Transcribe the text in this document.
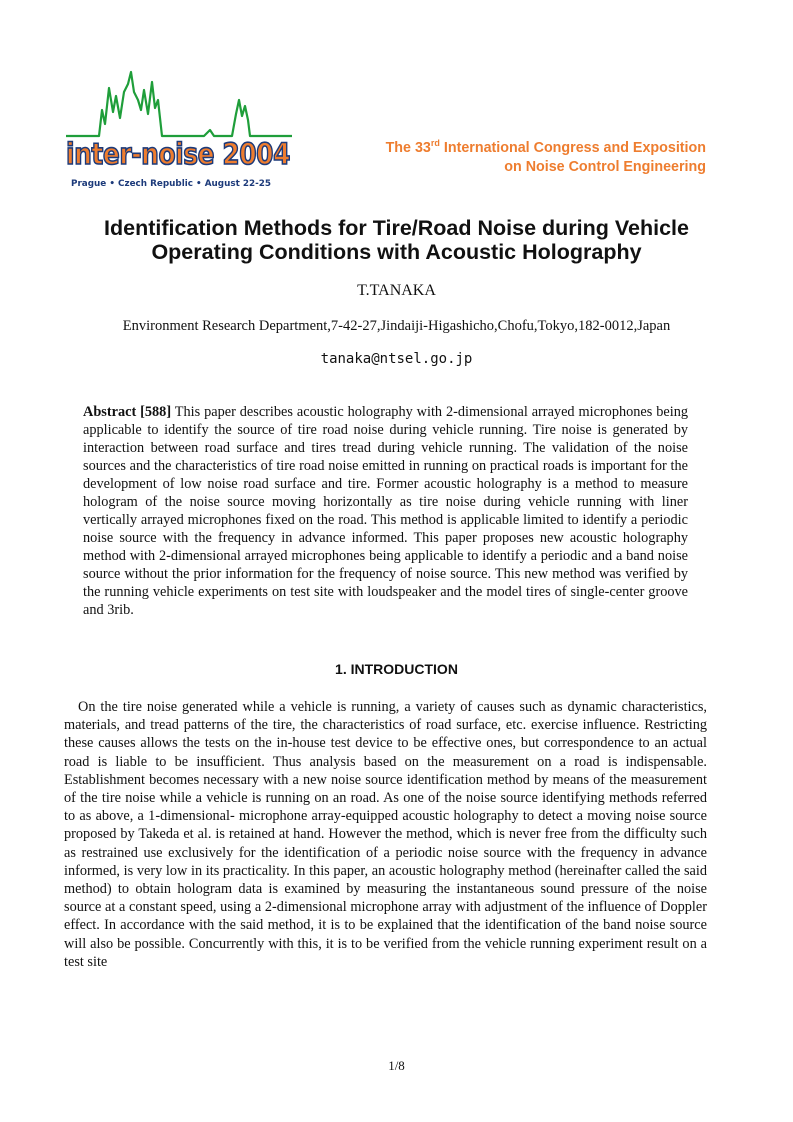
inter-noise 2004
Prague • Czech Republic • August 22-25
The 33rd International Congress and Exposition
on Noise Control Engineering
Identification Methods for Tire/Road Noise during Vehicle
Operating Conditions with Acoustic Holography
T.TANAKA
Environment Research Department,7-42-27,Jindaiji-Higashicho,Chofu,Tokyo,182-0012,Japan
tanaka@ntsel.go.jp
Abstract [588] This paper describes acoustic holography with 2-dimensional arrayed microphones being applicable to identify the source of tire road noise during vehicle running. Tire noise is generated by interaction between road surface and tires tread during vehicle running. The validation of the noise sources and the characteristics of tire road noise emitted in running on practical roads is important for the development of low noise road surface and tire. Former acoustic holography is a method to measure hologram of the noise source moving horizontally as tire noise during vehicle running with liner vertically arrayed microphones fixed on the road. This method is applicable limited to identify a periodic noise source with the frequency in advance informed. This paper proposes new acoustic holography method with 2-dimensional arrayed microphones being applicable to identify a periodic and a band noise source without the prior information for the frequency of noise source. This new method was verified by the running vehicle experiments on test site with loudspeaker and the model tires of single-center groove and 3rib.
1. INTRODUCTION
On the tire noise generated while a vehicle is running, a variety of causes such as dynamic characteristics, materials, and tread patterns of the tire, the characteristics of road surface, etc. exercise influence. Restricting these causes allows the tests on the in-house test device to be effective ones, but correspondence to an actual road is liable to be insufficient. Thus analysis based on the measurement on a road is indispensable. Establishment becomes necessary with a new noise source identification method by means of the measurement of the tire noise while a vehicle is running on an road. As one of the noise source identifying methods referred to as above, a 1-dimensional- microphone array-equipped acoustic holography to detect a moving noise source proposed by Takeda et al. is retained at hand. However the method, which is never free from the difficulty such as restrained use exclusively for the identification of a periodic noise source with the frequency in advance informed, is very low in its practicality. In this paper, an acoustic holography method (hereinafter called the said method) to obtain hologram data is examined by measuring the instantaneous sound pressure of the noise source at a constant speed, using a 2-dimensional microphone array with adjustment of the influence of Doppler effect. In accordance with the said method, it is to be explained that the identification of the band noise source will also be possible. Concurrently with this, it is to be verified from the vehicle running experiment result on a test site
1/8
